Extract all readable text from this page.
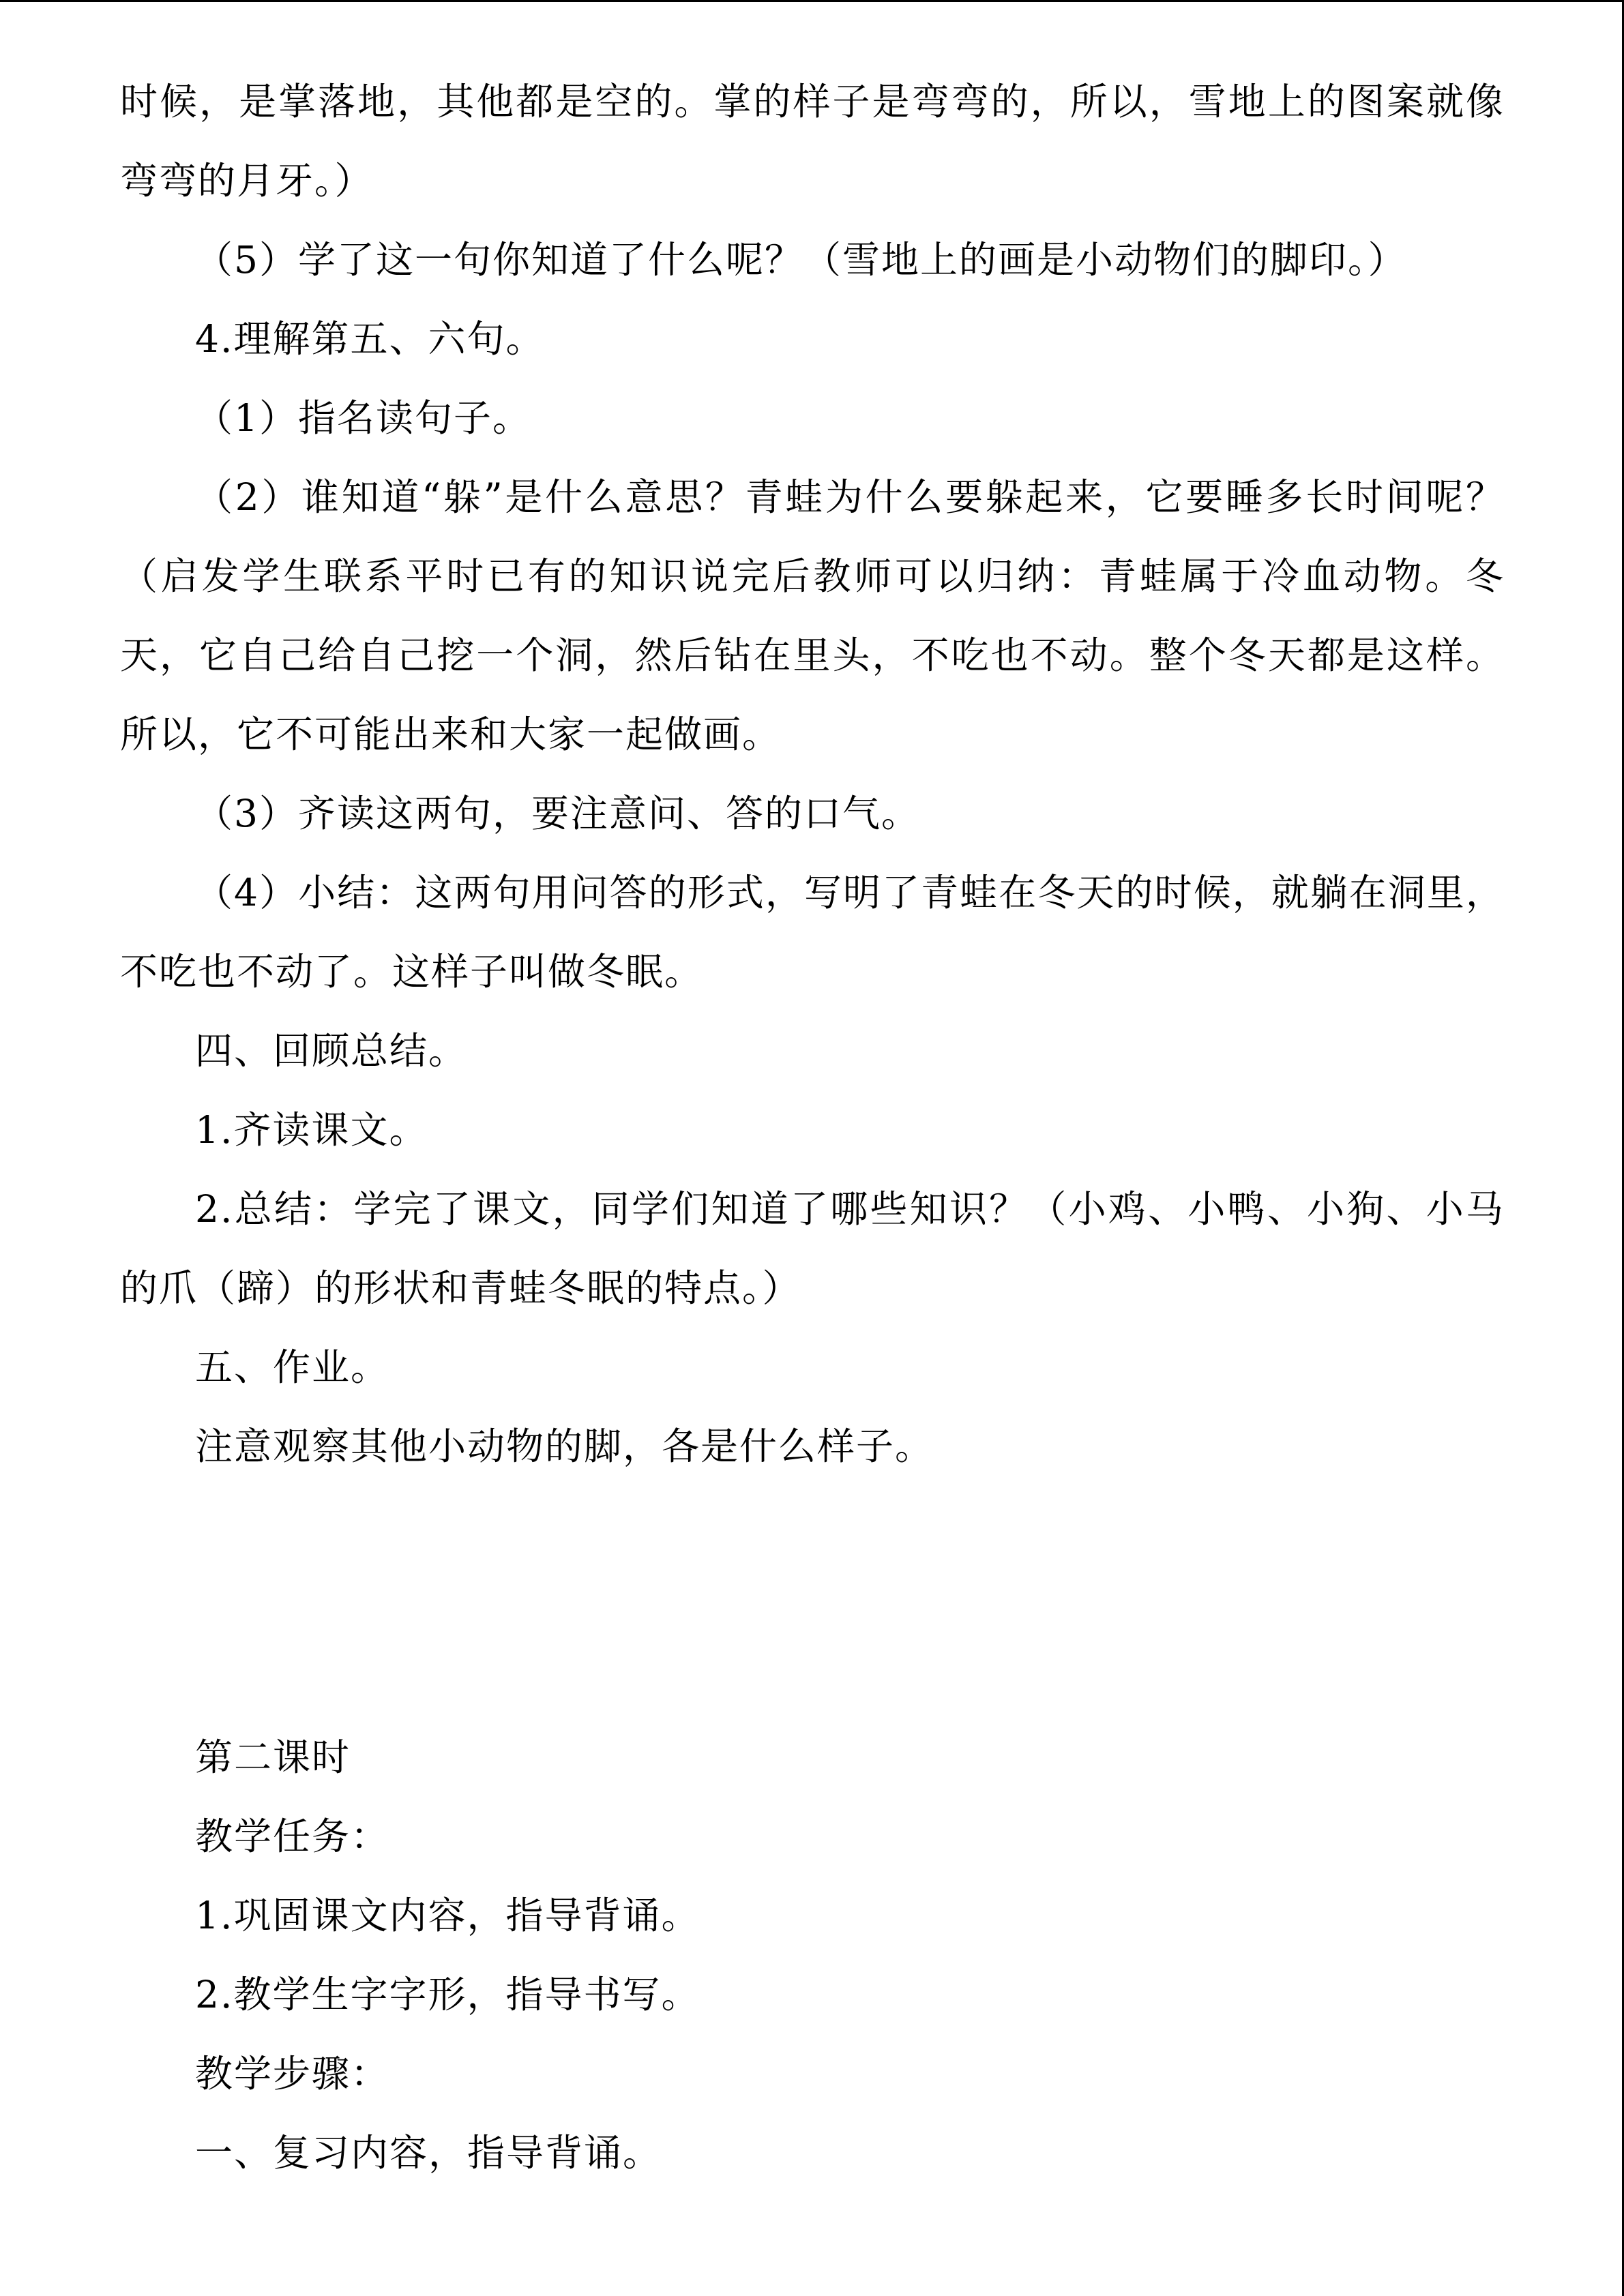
时候，是掌落地，其他都是空的。掌的样子是弯弯的，所以，雪地上的图案就像弯弯的月牙。）

（5）学了这一句你知道了什么呢？（雪地上的画是小动物们的脚印。）

4.理解第五、六句。

（1）指名读句子。

（2）谁知道“躲”是什么意思？青蛙为什么要躲起来，它要睡多长时间呢？（启发学生联系平时已有的知识说完后教师可以归纳：青蛙属于冷血动物。冬天，它自己给自己挖一个洞，然后钻在里头，不吃也不动。整个冬天都是这样。所以，它不可能出来和大家一起做画。

（3）齐读这两句，要注意问、答的口气。

（4）小结：这两句用问答的形式，写明了青蛙在冬天的时候，就躺在洞里，不吃也不动了。这样子叫做冬眠。

四、回顾总结。

1.齐读课文。

2.总结：学完了课文，同学们知道了哪些知识？（小鸡、小鸭、小狗、小马的爪（蹄）的形状和青蛙冬眠的特点。）

五、作业。

注意观察其他小动物的脚，各是什么样子。

第二课时

教学任务：

1.巩固课文内容，指导背诵。

2.教学生字字形，指导书写。

教学步骤：

一、复习内容，指导背诵。
